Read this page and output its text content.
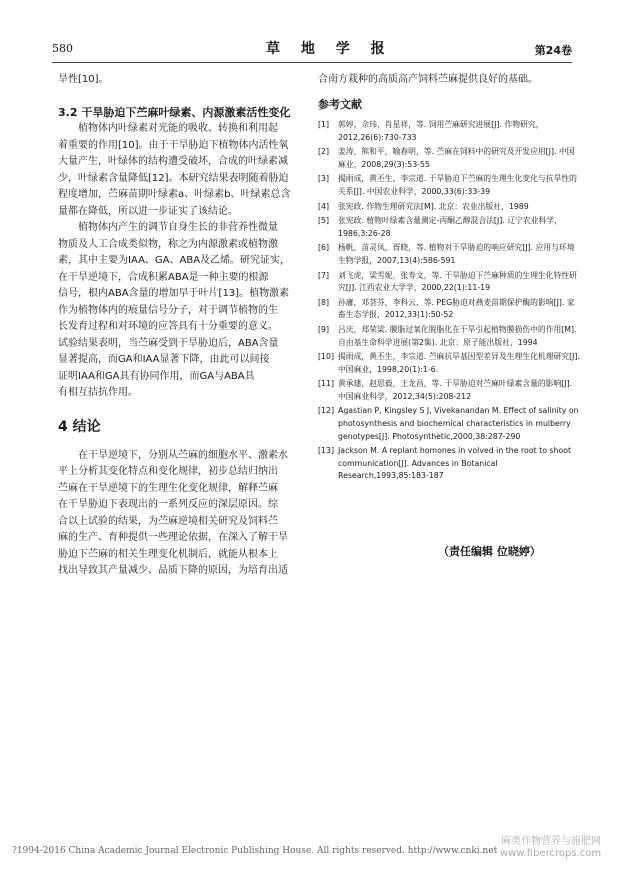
580	草 地 学 报	第24卷
旱性[10]。
3.2 干旱胁迫下苎麻叶绿素、内源激素活性变化
植物体内叶绿素对光能的吸收、转换和利用起
着重要的作用[10]。由于干旱胁迫下植物体内活性氧
大量产生，叶绿体的结构遭受破坏，合成的叶绿素减
少，叶绿素含量降低[12]。本研究结果表明随着胁迫
程度增加，苎麻苗期叶绿素a、叶绿素b、叶绿素总含
量都在降低，所以进一步证实了该结论。
植物体内产生的调节自身生长的非营养性微量
物质及人工合成类似物，称之为内源激素或植物激
素，其中主要为IAA、GA、ABA及乙烯。研究证实，
在干旱逆境下，合成积累ABA是一种主要的根源
信号，根内ABA含量的增加早于叶片[13]。植物激素
作为植物体内的痕量信号分子，对于调节植物的生
长发育过程和对环境的应答具有十分重要的意义。
试验结果表明，当苎麻受到干旱胁迫后，ABA含量
显著提高，而GA和IAA显著下降，由此可以间接
证明IAA和GA具有协同作用，而GA与ABA具
有相互拮抗作用。
4 结论
在干旱逆境下，分别从苎麻的细胞水平、激素水
平上分析其变化特点和变化规律，初步总结归纳出
苎麻在干旱逆境下的生理生化变化规律，解释苎麻
在干旱胁迫下表现出的一系列反应的深层原因。综
合以上试验的结果，为苎麻逆境相关研究及饲料苎
麻的生产、育种提供一些理论依据，在深入了解干旱
胁迫下苎麻的相关生理变化机制后，就能从根本上
找出导致其产量减少、品质下降的原因，为培育出适
合南方栽种的高质高产饲料苎麻提供良好的基础。
参考文献
[1]	郭婷，佘玮，肖星祥，等. 饲用苎麻研究进展[J]. 作物研究，2012,26(6):730-733
[2]	姜涛，熊和平，喻春明，等. 苎麻在饲料中的研究及开发应用[J]. 中国麻业，2008,29(3):53-55
[3]	揭雨成，黄丕生，李宗道. 干旱胁迫下苎麻的生理生化变化与抗旱性的关系[J]. 中国农业科学，2000,33(6):33-39
[4]	张宪政. 作物生理研究法[M]. 北京：农业出版社，1989
[5]	张宪政. 植物叶绿素含量测定-丙酮乙醇混合法[J]. 辽宁农业科学，1986,3:26-28
[6]	杨帆，苗灵凤，胥晓，等. 植物对干旱胁迫的响应研究[J]. 应用与环境生物学报，2007,13(4):586-591
[7]	刘飞虎，梁雪妮，张寿文，等. 干旱胁迫下苎麻种质的生理生化特性研究[J]. 江西农业大学学，2000,22(1):11-19
[8]	孙庸，邓荟芬，李科云，等. PEG胁迫对燕麦苗期保护酶的影响[J]. 家畜生态学报，2012,33(1):50-52
[9]	吕庆，郑荣梁. 膜脂过氧化脱脂化在干旱引起植物膜损伤中的作用[M]. 自由基生命科学进展(第2集). 北京：原子能出版社，1994
[10] 揭雨成，黄丕生，李宗道. 苎麻抗旱基因型差异及生理生化机理研究[J]. 中国麻业，1998,20(1):1-6.
[11] 黄承建，赵思毅，王龙昌，等. 干旱胁迫对苎麻叶绿素含量的影响[J]. 中国麻业科学，2012,34(5):208-212
[12] Agastian P, Kingsley S J, Vivekanandan M. Effect of salinity on photosynthesis and biochemical characteristics in mulberry genotypes[J]. Photosynthetic,2000,38:287-290
[13] Jackson M. A replant homones in volved in the root to shoot communication[J]. Advances in Botanical Research,1993,85:183-187
（责任编辑 位晓婷）
?1994-2016 China Academic Journal Electronic Publishing House. All rights reserved. http://www.cnki.net
麻类作物营养与施肥网
www.fibercrops.com
